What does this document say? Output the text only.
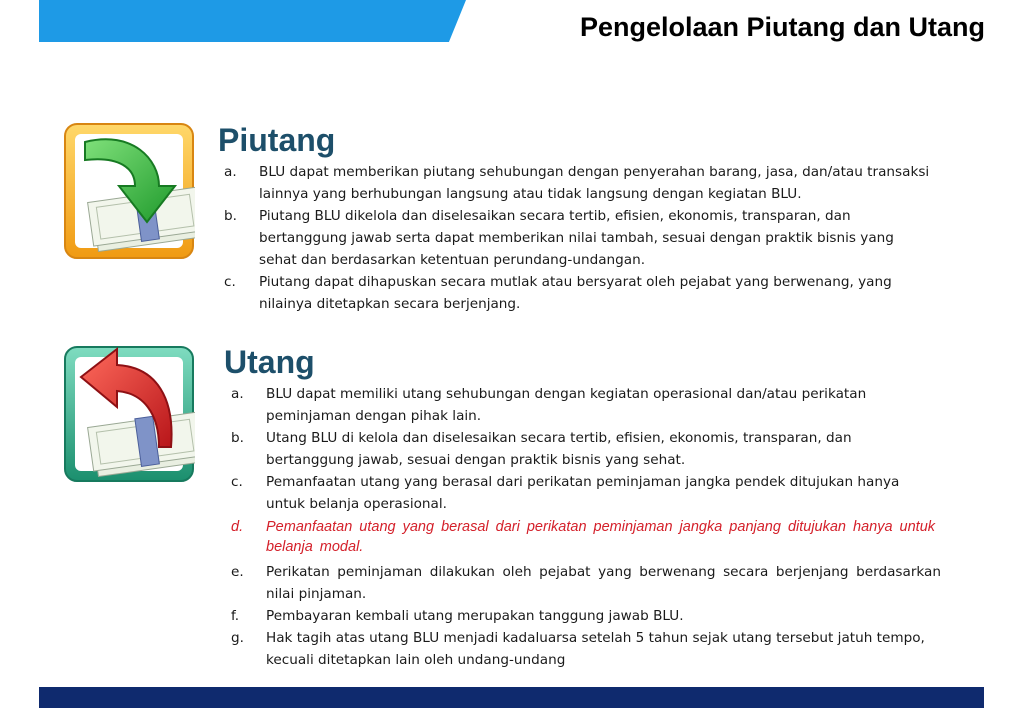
Pengelolaan Piutang dan Utang
Piutang
a. BLU dapat memberikan piutang sehubungan dengan penyerahan barang, jasa, dan/atau transaksi lainnya yang berhubungan langsung atau tidak langsung dengan kegiatan BLU.
b. Piutang BLU dikelola dan diselesaikan secara tertib, efisien, ekonomis, transparan, dan bertanggung jawab serta dapat memberikan nilai tambah, sesuai dengan praktik bisnis yang sehat dan berdasarkan ketentuan perundang-undangan.
c. Piutang dapat dihapuskan secara mutlak atau bersyarat oleh pejabat yang berwenang, yang nilainya ditetapkan secara berjenjang.
Utang
a. BLU dapat memiliki utang sehubungan dengan kegiatan operasional dan/atau perikatan peminjaman dengan pihak lain.
b. Utang BLU di kelola dan diselesaikan secara tertib, efisien, ekonomis, transparan, dan bertanggung jawab, sesuai dengan praktik bisnis yang sehat.
c. Pemanfaatan utang yang berasal dari perikatan peminjaman jangka pendek ditujukan hanya untuk belanja operasional.
d. Pemanfaatan utang yang berasal dari perikatan peminjaman jangka panjang ditujukan hanya untuk belanja modal.
e. Perikatan peminjaman dilakukan oleh pejabat yang berwenang secara berjenjang berdasarkan nilai pinjaman.
f. Pembayaran kembali utang merupakan tanggung jawab BLU.
g. Hak tagih atas utang BLU menjadi kadaluarsa setelah 5 tahun sejak utang tersebut jatuh tempo, kecuali ditetapkan lain oleh undang-undang
